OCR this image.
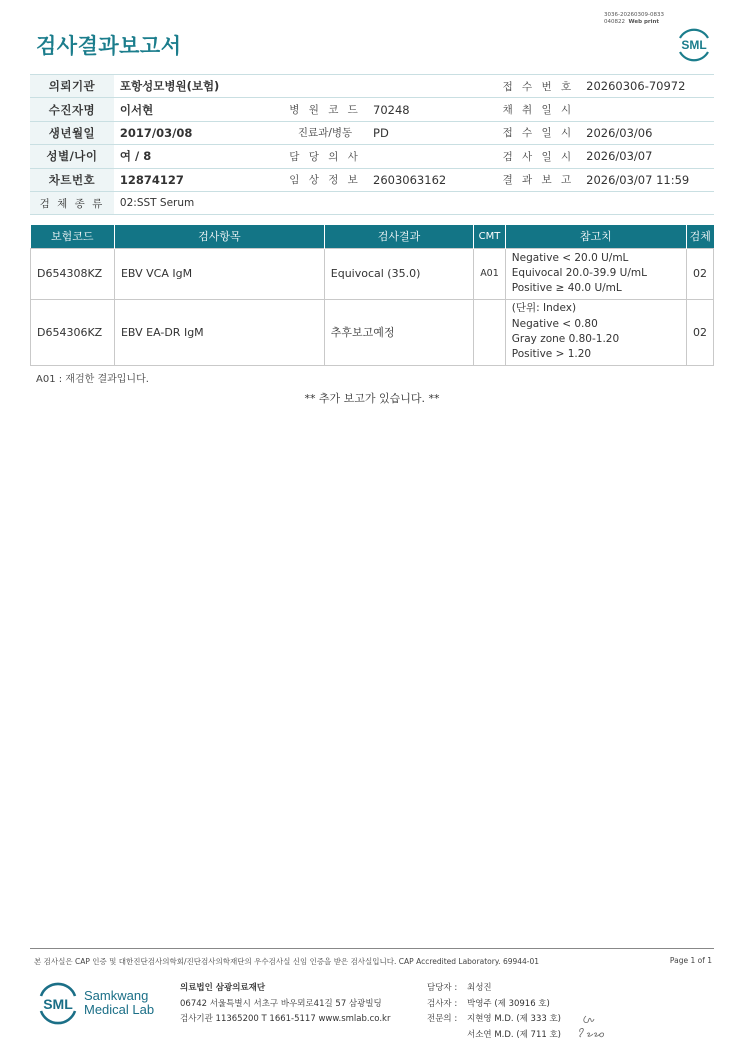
검사결과보고서
3036-20260309-0833
040822 Web print
SML
의뢰기관	포항성모병원(보험)			접 수 번 호	20260306-70972
수진자명	이서현	병 원 코 드	70248	채 취 일 시	
생년월일	2017/03/08	진료과/병동	PD	접 수 일 시	2026/03/06
성별/나이	여 / 8	담 당 의 사		검 사 일 시	2026/03/07
차트번호	12874127	임 상 정 보	2603063162	결 과 보 고	2026/03/07 11:59
검 체 종 류	02:SST Serum				
보험코드	검사항목	검사결과	CMT	참고치	검체
D654308KZ	EBV VCA IgM	Equivocal (35.0)	A01	Negative < 20.0 U/mL
Equivocal 20.0-39.9 U/mL
Positive ≥ 40.0 U/mL	02
D654306KZ	EBV EA-DR IgM	추후보고예정		(단위: Index)
Negative < 0.80
Gray zone 0.80-1.20
Positive > 1.20	02
A01 : 재검한 결과입니다.
** 추가 보고가 있습니다. **
본 검사실은 CAP 인증 및 대한진단검사의학회/진단검사의학재단의 우수검사실 신임 인증을 받은 검사실입니다. CAP Accredited Laboratory. 69944-01	Page 1 of 1
SML
Samkwang
Medical Lab
의료법인 삼광의료재단
06742 서울특별시 서초구 바우뫼로41길 57 삼광빌딩
검사기관 11365200 T 1661-5117 www.smlab.co.kr
담당자 :	최성진
검사자 :	박영주 (제 30916 호)
전문의 :	지현영 M.D. (제 333 호)
서소연 M.D. (제 711 호)
